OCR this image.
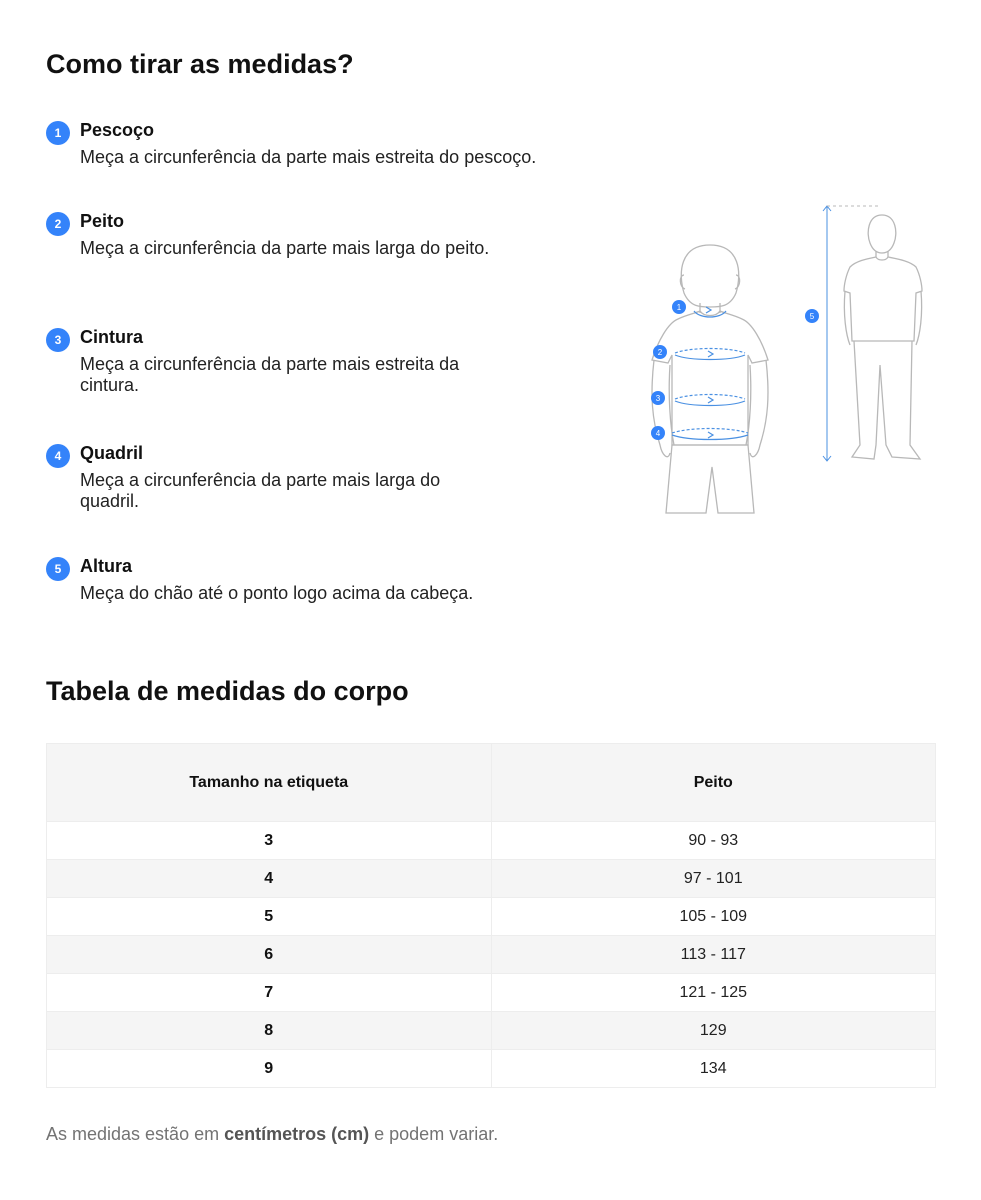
Como tirar as medidas?
1	Pescoço
Meça a circunferência da parte mais estreita do pescoço.
2	Peito
Meça a circunferência da parte mais larga do peito.
3	Cintura
Meça a circunferência da parte mais estreita da cintura.
4	Quadril
Meça a circunferência da parte mais larga do quadril.
5	Altura
Meça do chão até o ponto logo acima da cabeça.
1
2
3
4
5
Tabela de medidas do corpo
Tamanho na etiqueta	Peito
3	90 - 93
4	97 - 101
5	105 - 109
6	113 - 117
7	121 - 125
8	129
9	134

As medidas estão em centímetros (cm) e podem variar.
